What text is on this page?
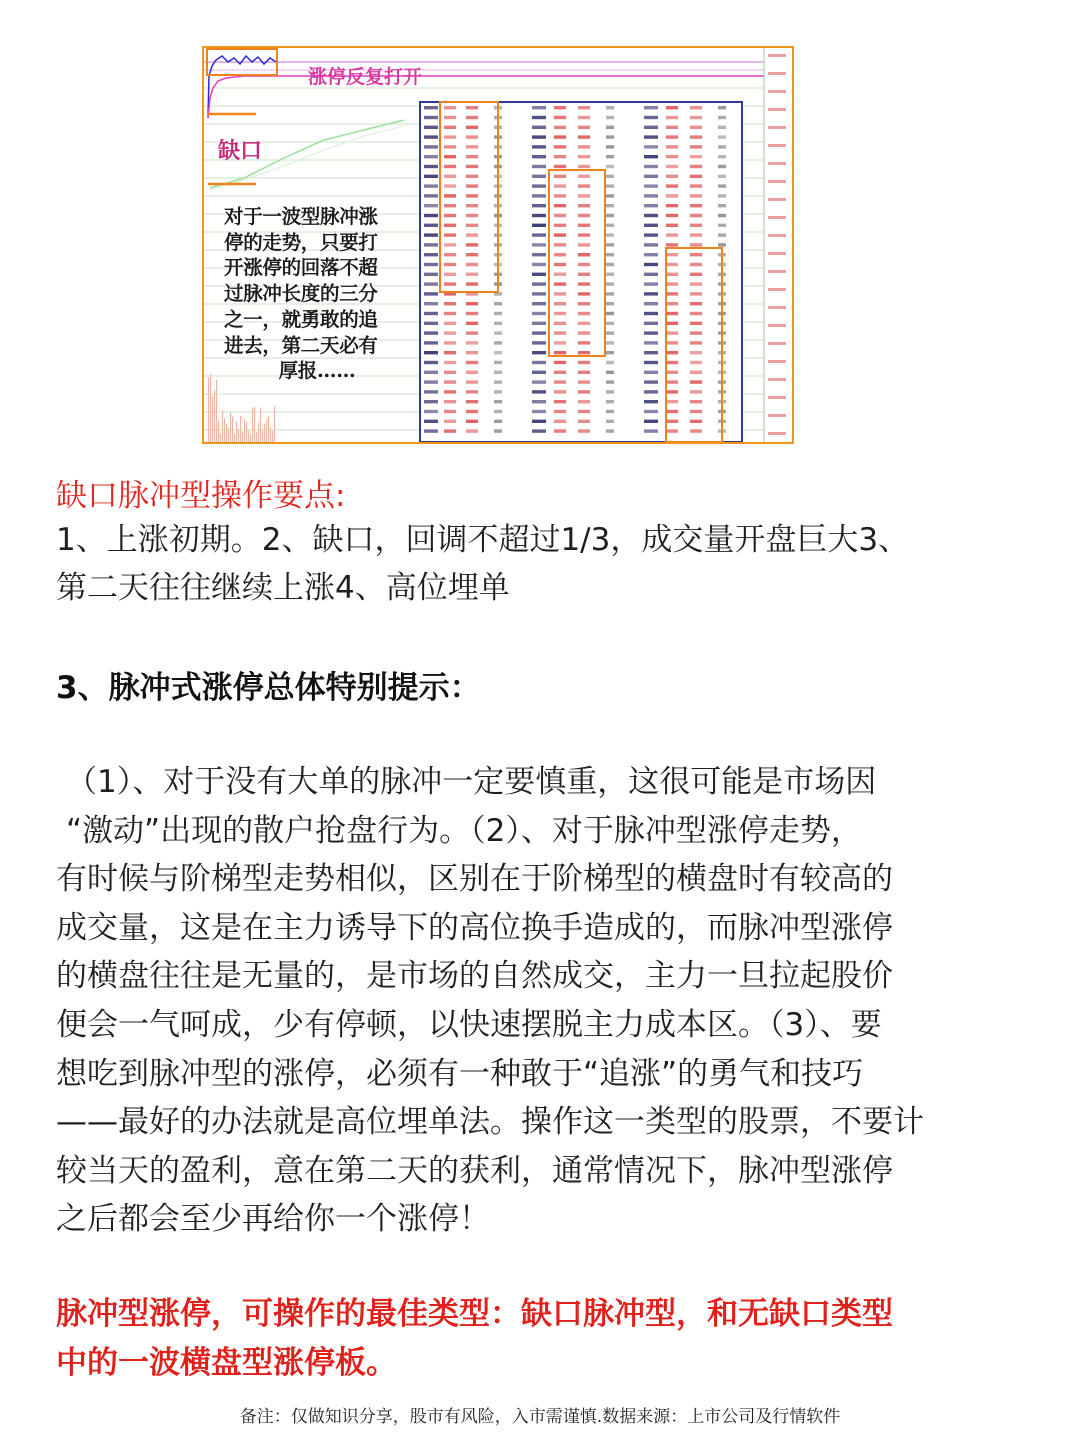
涨停反复打开
缺口
对于一波型脉冲涨
停的走势，只要打
开涨停的回落不超
过脉冲长度的三分
之一，就勇敢的追
进去，第二天必有
厚报……

缺口脉冲型操作要点:

1、上涨初期。2、缺口，回调不超过1/3，成交量开盘巨大3、
第二天往往继续上涨4、高位埋单

3、脉冲式涨停总体特别提示：

（1）、对于没有大单的脉冲一定要慎重，这很可能是市场因
“激动”出现的散户抢盘行为。（2）、对于脉冲型涨停走势，
有时候与阶梯型走势相似，区别在于阶梯型的横盘时有较高的
成交量，这是在主力诱导下的高位换手造成的，而脉冲型涨停
的横盘往往是无量的，是市场的自然成交，主力一旦拉起股价
便会一气呵成，少有停顿，以快速摆脱主力成本区。（3）、要
想吃到脉冲型的涨停，必须有一种敢于“追涨”的勇气和技巧
——最好的办法就是高位埋单法。操作这一类型的股票，不要计
较当天的盈利，意在第二天的获利，通常情况下，脉冲型涨停
之后都会至少再给你一个涨停！

脉冲型涨停，可操作的最佳类型：缺口脉冲型，和无缺口类型
中的一波横盘型涨停板。

备注：仅做知识分享，股市有风险，入市需谨慎.数据来源：上市公司及行情软件
